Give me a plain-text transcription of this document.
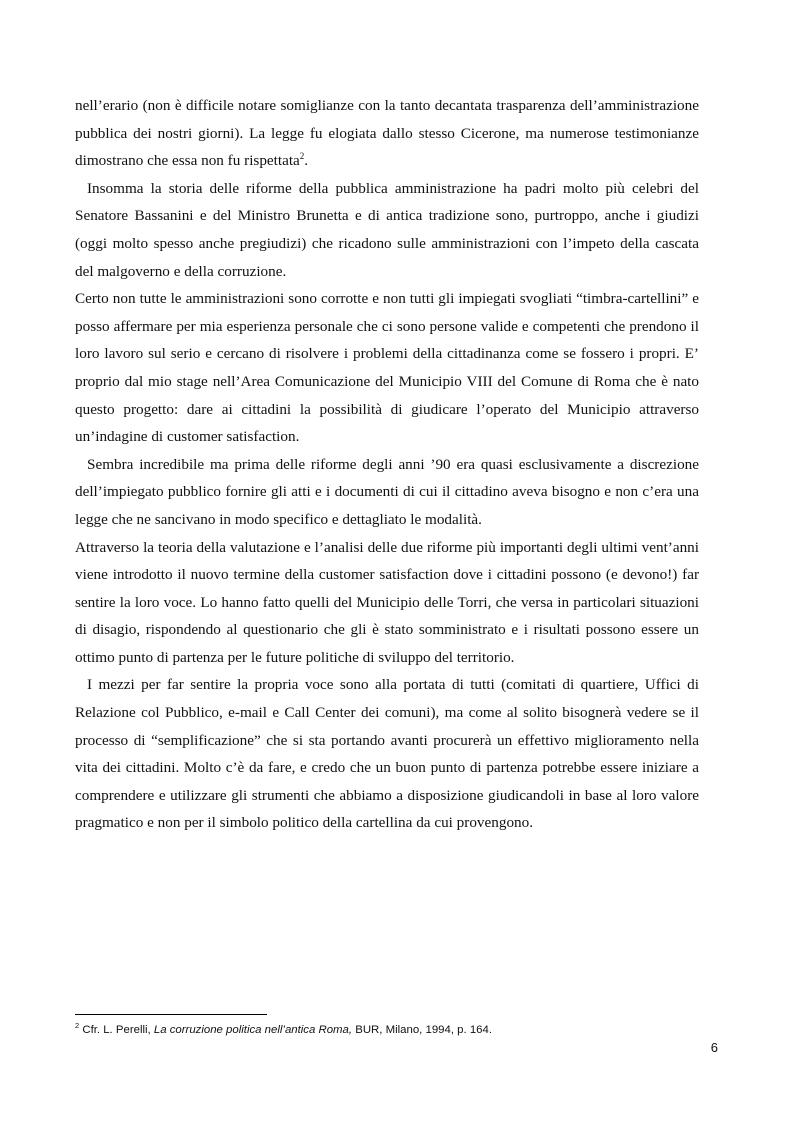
nell’erario (non è difficile notare somiglianze con la tanto decantata trasparenza dell’amministrazione pubblica dei nostri giorni). La legge fu elogiata dallo stesso Cicerone, ma numerose testimonianze dimostrano che essa non fu rispettata$^2$.

Insomma la storia delle riforme della pubblica amministrazione ha padri molto più celebri del Senatore Bassanini e del Ministro Brunetta e di antica tradizione sono, purtroppo, anche i giudizi (oggi molto spesso anche pregiudizi) che ricadono sulle amministrazioni con l’impeto della cascata del malgoverno e della corruzione.

Certo non tutte le amministrazioni sono corrotte e non tutti gli impiegati svogliati “timbra-cartellini” e posso affermare per mia esperienza personale che ci sono persone valide e competenti che prendono il loro lavoro sul serio e cercano di risolvere i problemi della cittadinanza come se fossero i propri. E’ proprio dal mio stage nell’Area Comunicazione del Municipio VIII del Comune di Roma che è nato questo progetto: dare ai cittadini la possibilità di giudicare l’operato del Municipio attraverso un’indagine di customer satisfaction.

Sembra incredibile ma prima delle riforme degli anni ’90 era quasi esclusivamente a discrezione dell’impiegato pubblico fornire gli atti e i documenti di cui il cittadino aveva bisogno e non c’era una legge che ne sancivano in modo specifico e dettagliato le modalità.

Attraverso la teoria della valutazione e l’analisi delle due riforme più importanti degli ultimi vent’anni viene introdotto il nuovo termine della customer satisfaction dove i cittadini possono (e devono!) far sentire la loro voce. Lo hanno fatto quelli del Municipio delle Torri, che versa in particolari situazioni di disagio, rispondendo al questionario che gli è stato somministrato e i risultati possono essere un ottimo punto di partenza per le future politiche di sviluppo del territorio.

I mezzi per far sentire la propria voce sono alla portata di tutti (comitati di quartiere, Uffici di Relazione col Pubblico, e-mail e Call Center dei comuni), ma come al solito bisognerà vedere se il processo di “semplificazione” che si sta portando avanti procurerà un effettivo miglioramento nella vita dei cittadini. Molto c’è da fare, e credo che un buon punto di partenza potrebbe essere iniziare a comprendere e utilizzare gli strumenti che abbiamo a disposizione giudicandoli in base al loro valore pragmatico e non per il simbolo politico della cartellina da cui provengono.

$^2$ Cfr. L. Perelli, La corruzione politica nell’antica Roma, BUR, Milano, 1994, p. 164.
6
